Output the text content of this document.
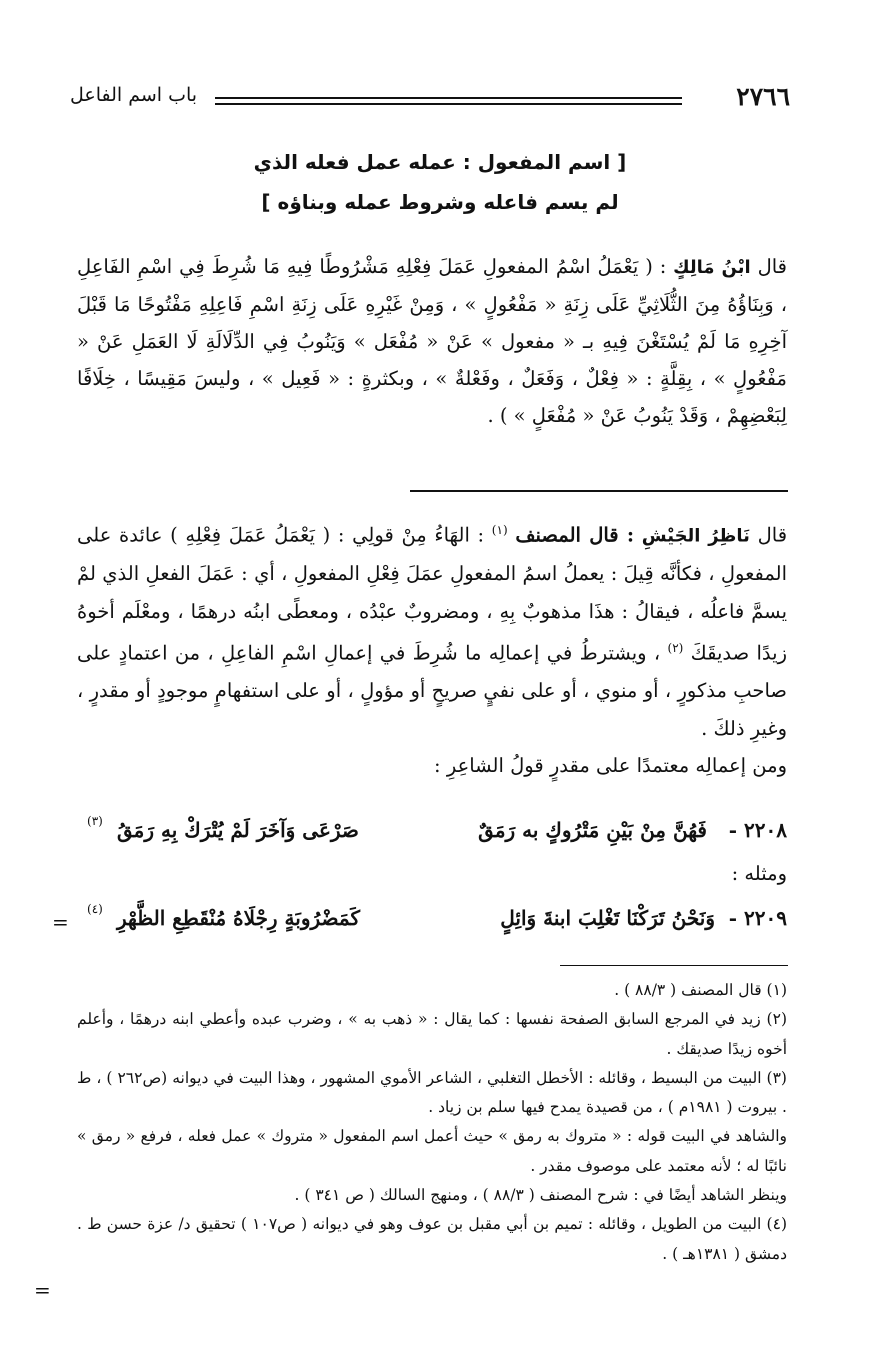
٢٧٦٦
باب اسم الفاعل
[ اسم المفعول : عمله عمل فعله الذي
لم يسم فاعله وشروط عمله وبناؤه ]

قال ابْنُ مَالِكٍ : ( يَعْمَلُ اسْمُ المفعولِ عَمَلَ فِعْلِهِ مَشْرُوطًا فِيهِ مَا شُرِطَ فِي اسْمِ الفَاعِلِ ، وَبِنَاؤُهُ مِنَ الثُّلَاثِيِّ عَلَى زِنَةِ « مَفْعُولٍ » ، وَمِنْ غَيْرِهِ عَلَى زِنَةِ اسْمِ فَاعِلِهِ مَفْتُوحًا مَا قَبْلَ آخِرِهِ مَا لَمْ يُسْتَغْنَ فِيهِ بـ « مفعول » عَنْ « مُفْعَل » وَيَنُوبُ فِي الدِّلَالَةِ لَا العَمَلِ عَنْ « مَفْعُولٍ » ، بِقِلَّةٍ : « فِعْلٌ ، وَفَعَلٌ ، وفَعْلةٌ » ، وبكثرةٍ : « فَعِيل » ، وليسَ مَقِيسًا ، خِلَافًا لِبَعْضِهِمْ ، وَقَدْ يَنُوبُ عَنْ « مُفْعَلٍ » ) .

قال نَاظِرُ الجَيْشِ : قال المصنف $^{(١)}$ : الهَاءُ مِنْ قولِي : ( يَعْمَلُ عَمَلَ فِعْلِهِ ) عائدة على المفعولِ ، فكأنَّه قِيلَ : يعملُ اسمُ المفعولِ عمَلَ فِعْلِ المفعولِ ، أي : عَمَلَ الفعلِ الذي لمْ يسمَّ فاعلُه ، فيقالُ : هذَا مذهوبٌ بِهِ ، ومضروبٌ عبْدُه ، ومعطًى ابنُه درهمًا ، ومعْلَم أخوهُ زيدًا صديقَكَ $^{(٢)}$ ، ويشترطُ في إعمالِه ما شُرِطَ في إعمالِ اسْمِ الفاعِلِ ، من اعتمادٍ على صاحبِ مذكورٍ ، أو منوي ، أو على نفيٍ صريحٍ أو مؤولٍ ، أو على استفهامٍ موجودٍ أو مقدرٍ ، وغيرِ ذلكَ .

ومن إعمالِه معتمدًا على مقدرٍ قولُ الشاعِرِ :

٢٢٠٨ -
فَهُنَّ مِنْ بَيْنِ مَتْرُوكٍ به رَمَقٌ
صَرْعَى وَآخَرَ لَمْ يُتْرَكْ بِهِ رَمَقُ
(٣)
ومثله :
٢٢٠٩ -
وَنَحْنُ تَرَكْنَا تَغْلِبَ ابنةَ وَائِلٍ
كَمَضْرُوبَةٍ رِجْلَاهُ مُنْقَطِعِ الظَّهْرِ
(٤)
=

(١) قال المصنف ( ٨٨/٣ ) .

(٢) زيد في المرجع السابق الصفحة نفسها : كما يقال : « ذهب به » ، وضرب عبده وأعطي ابنه درهمًا ، وأعلم أخوه زيدًا صديقك .

(٣) البيت من البسيط ، وقائله : الأخطل التغلبي ، الشاعر الأموي المشهور ، وهذا البيت في ديوانه (ص٢٦٢ ) ، ط . بيروت ( ١٩٨١م ) ، من قصيدة يمدح فيها سلم بن زياد .

والشاهد في البيت قوله : « متروك به رمق » حيث أعمل اسم المفعول « متروك » عمل فعله ، فرفع « رمق » نائبًا له ؛ لأنه معتمد على موصوف مقدر .

وينظر الشاهد أيضًا في : شرح المصنف ( ٨٨/٣ ) ، ومنهج السالك ( ص ٣٤١ ) .

(٤) البيت من الطويل ، وقائله : تميم بن أبي مقبل بن عوف وهو في ديوانه ( ص١٠٧ ) تحقيق د/ عزة حسن ط . دمشق ( ١٣٨١هـ ) .

=
